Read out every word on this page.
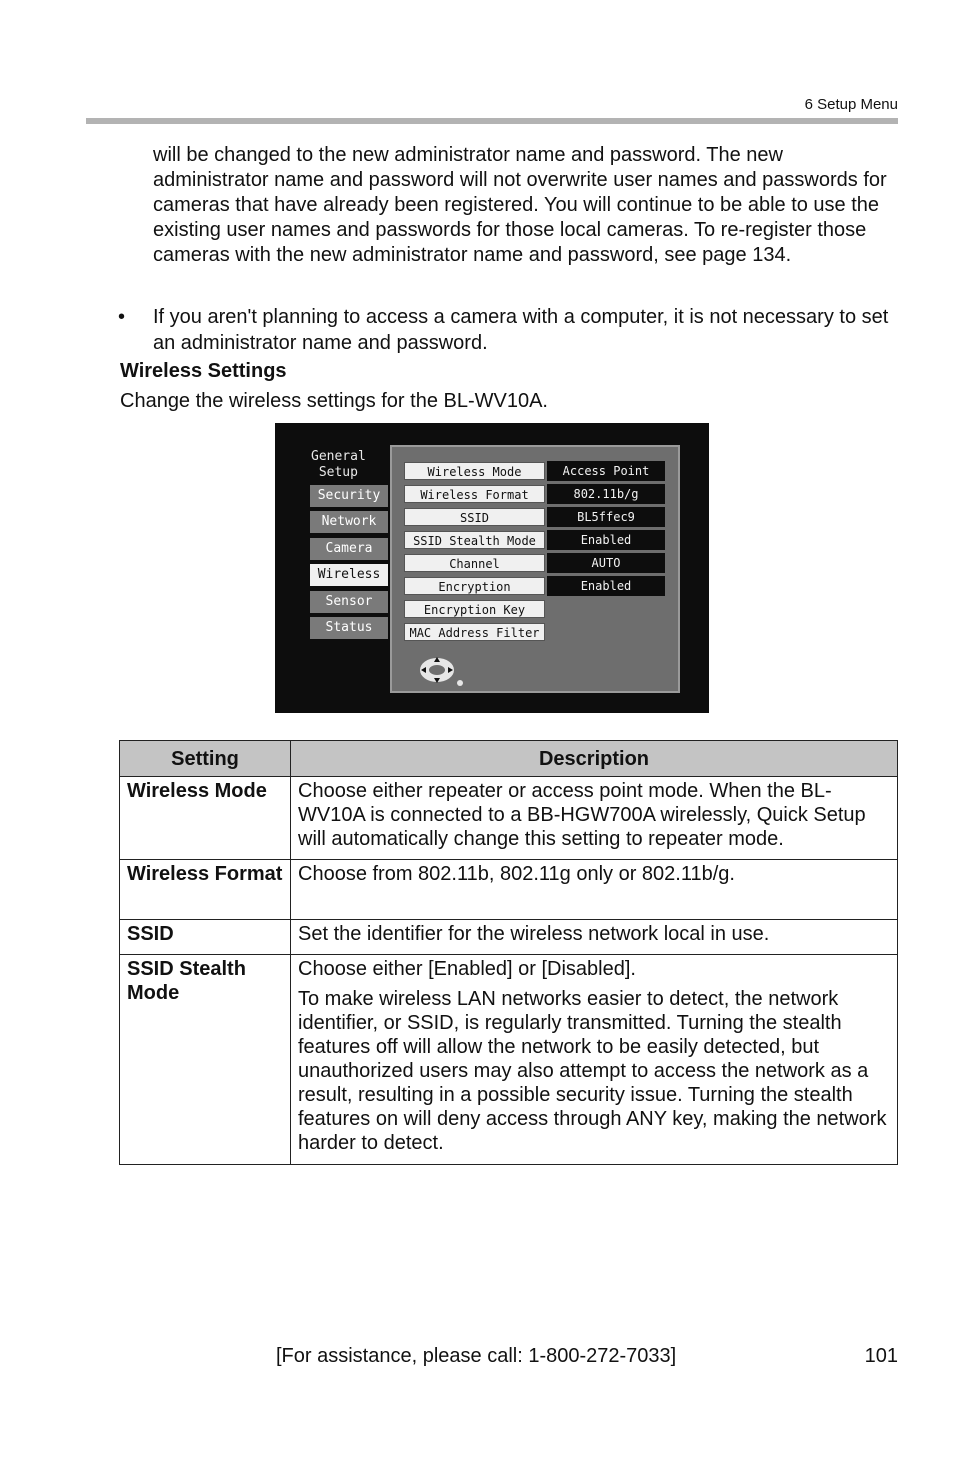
6 Setup Menu
will be changed to the new administrator name and password. The new administrator name and password will not overwrite user names and passwords for cameras that have already been registered. You will continue to be able to use the existing user names and passwords for those local cameras. To re-register those cameras with the new administrator name and password, see page 134.
• If you aren't planning to access a camera with a computer, it is not necessary to set an administrator name and password.
Wireless Settings
Change the wireless settings for the BL-WV10A.
General
Setup
Security
Network
Camera
Wireless
Sensor
Status
Wireless Mode	Access Point
Wireless Format	802.11b/g
SSID	BL5ffec9
SSID Stealth Mode	Enabled
Channel	AUTO
Encryption	Enabled
Encryption Key
MAC Address Filter
Setting	Description
Wireless Mode	Choose either repeater or access point mode. When the BL-WV10A is connected to a BB-HGW700A wirelessly, Quick Setup will automatically change this setting to repeater mode.

Wireless Format	Choose from 802.11b, 802.11g only or 802.11b/g.

SSID	Set the identifier for the wireless network local in use.

SSID Stealth Mode	Choose either [Enabled] or [Disabled].

To make wireless LAN networks easier to detect, the network identifier, or SSID, is regularly transmitted. Turning the stealth features off will allow the network to be easily detected, but unauthorized users may also attempt to access the network as a result, resulting in a possible security issue. Turning the stealth features on will deny access through ANY key, making the network harder to detect.

[For assistance, please call: 1-800-272-7033]	101
